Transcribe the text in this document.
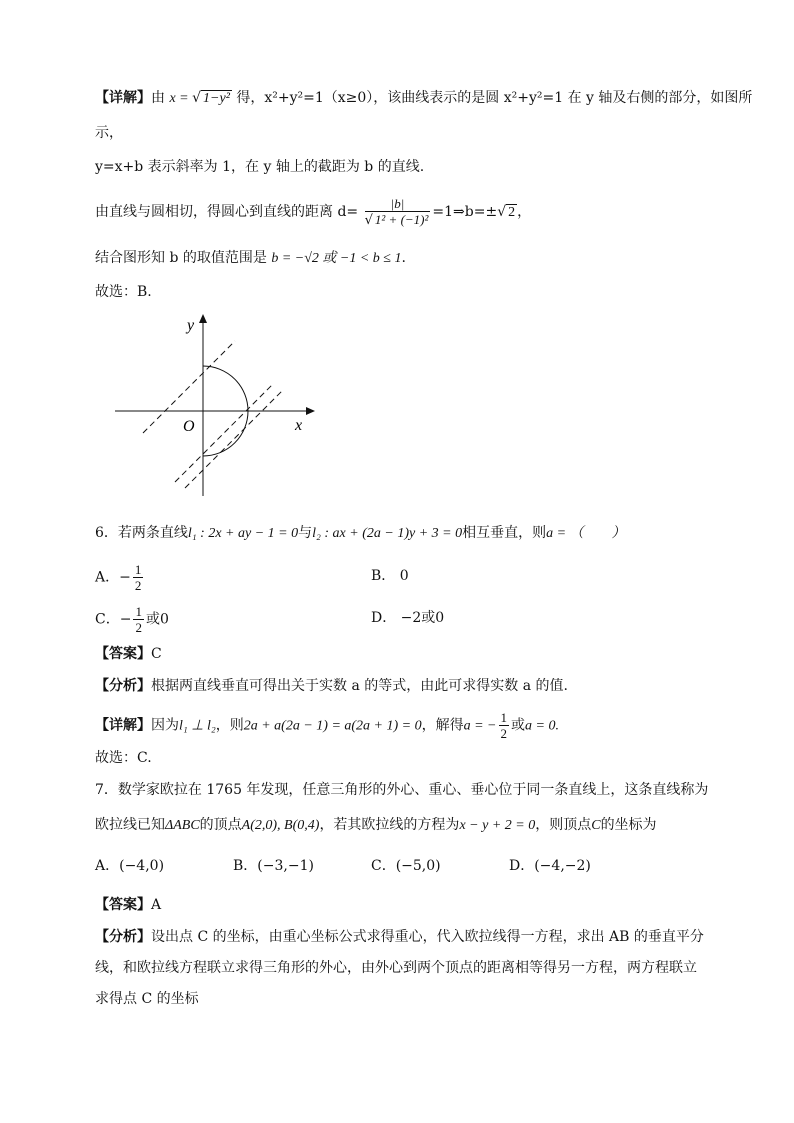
【详解】由 x = √ 1−y² 得，x²+y²=1（x≥0），该曲线表示的是圆 x²+y²=1 在 y 轴及右侧的部分，如图所
示，
y=x+b 表示斜率为 1，在 y 轴上的截距为 b 的直线.
由直线与圆相切，得圆心到直线的距离 $d= \frac{|b|}{\text{√ 1² + (−1)²}}$ =1⇒b=±√ 2 ，
结合图形知 b 的取值范围是 b = −√2 或 −1 < b ≤ 1.
故选：B.
y
x
O
6．若两条直线l₁ : 2x + ay − 1 = 0与l₂ : ax + (2a − 1)y + 3 = 0相互垂直，则a = （　　）
A．− $\frac{1}{2}$	B． 0
C．− $\frac{1}{2}$ 或0	D． −2或0
【答案】C
【分析】根据两直线垂直可得出关于实数 a 的等式，由此可求得实数 a 的值.
【详解】因为l₁ ⊥ l₂，则2a + a(2a − 1) = a(2a + 1) = 0，解得a = − $\frac{1}{2}$ 或a = 0.
故选：C.
7．数学家欧拉在 1765 年发现，任意三角形的外心、重心、垂心位于同一条直线上，这条直线称为
欧拉线已知ΔABC的顶点A(2,0), B(0,4)，若其欧拉线的方程为x − y + 2 = 0，则顶点C的坐标为
A．(−4,0)	B．(−3,−1)	C．(−5,0)	D．(−4,−2)
【答案】A
【分析】设出点 C 的坐标，由重心坐标公式求得重心，代入欧拉线得一方程，求出 AB 的垂直平分
线，和欧拉线方程联立求得三角形的外心，由外心到两个顶点的距离相等得另一方程，两方程联立
求得点 C 的坐标
